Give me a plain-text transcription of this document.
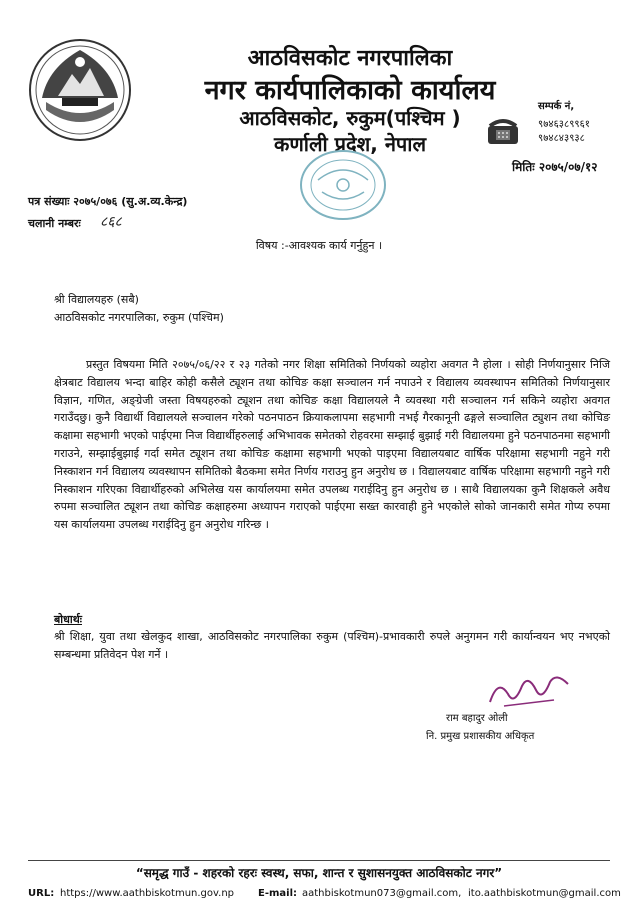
आठविसकोट नगरपालिका
नगर कार्यपालिकाको कार्यालय
आठविसकोट, रुकुम(पश्चिम )
कर्णाली प्रदेश, नेपाल
सम्पर्क नं,
९७४६३८९९६१
९७४८४३९३८
मितिः २०७५/०७/१२
पत्र संख्याः २०७५/०७६ (सु.अ.व्य.केन्द्र)
चलानी नम्बरः ८६८
विषय :-आवश्यक कार्य गर्नुहुन ।
श्री विद्यालयहरु (सबै)
आठविसकोट नगरपालिका, रुकुम (पश्चिम)

प्रस्तुत विषयमा मिति २०७५/०६/२२ र २३ गतेको नगर शिक्षा समितिको निर्णयको व्यहोरा अवगत नै होला । सोही निर्णयानुसार निजि क्षेत्रबाट विद्यालय भन्दा बाहिर कोही कसैले ट्यूशन तथा कोचिङ कक्षा सञ्चालन गर्न नपाउने र विद्यालय व्यवस्थापन समितिको निर्णयानुसार विज्ञान, गणित, अङ्ग्रेजी जस्ता विषयहरुको ट्यूशन तथा कोचिङ कक्षा विद्यालयले नै व्यवस्था गरी सञ्चालन गर्न सकिने व्यहोरा अवगत गराउँदछु। कुनै विद्यार्थी विद्यालयले सञ्चालन गरेको पठनपाठन क्रियाकलापमा सहभागी नभई गैरकानूनी ढङ्गले सञ्चालित ट्युशन तथा कोचिङ कक्षामा सहभागी भएको पाईएमा निज विद्यार्थीहरुलाई अभिभावक समेतको रोहवरमा सम्झाई बुझाई गरी विद्यालयमा हुने पठनपाठनमा सहभागी गराउने, सम्झाईबुझाई गर्दा समेत ट्यूशन तथा कोचिङ कक्षामा सहभागी भएको पाइएमा विद्यालयबाट वार्षिक परिक्षामा सहभागी नहुने गरी निस्काशन गर्न विद्यालय व्यवस्थापन समितिको बैठकमा समेत निर्णय गराउनु हुन अनुरोध छ । विद्यालयबाट वार्षिक परिक्षामा सहभागी नहुने गरी निस्काशन गरिएका विद्यार्थीहरुको अभिलेख यस कार्यालयमा समेत उपलब्ध गराईदिनु हुन अनुरोध छ । साथै विद्यालयका कुनै शिक्षकले अवैध रुपमा सञ्चालित ट्यूशन तथा कोचिङ कक्षाहरुमा अध्यापन गराएको पाईएमा सख्त कारवाही हुने भएकोले सोको जानकारी समेत गोप्य रुपमा यस कार्यालयमा उपलब्ध गराईदिनु हुन अनुरोध गरिन्छ ।

बोधार्थः

श्री शिक्षा, युवा तथा खेलकुद शाखा, आठविसकोट नगरपालिका रुकुम (पश्चिम)-प्रभावकारी रुपले अनुगमन गरी कार्यान्वयन भए नभएको सम्बन्धमा प्रतिवेदन पेश गर्ने ।

राम बहादुर ओली
नि. प्रमुख प्रशासकीय अधिकृत
“समृद्ध गाउँ - शहरको रहरः स्वस्थ, सफा, शान्त र सुशासनयुक्त आठविसकोट नगर”
URL: https://www.aathbiskotmun.gov.np E-mail: aathbiskotmun073@gmail.com, ito.aathbiskotmun@gmail.com
